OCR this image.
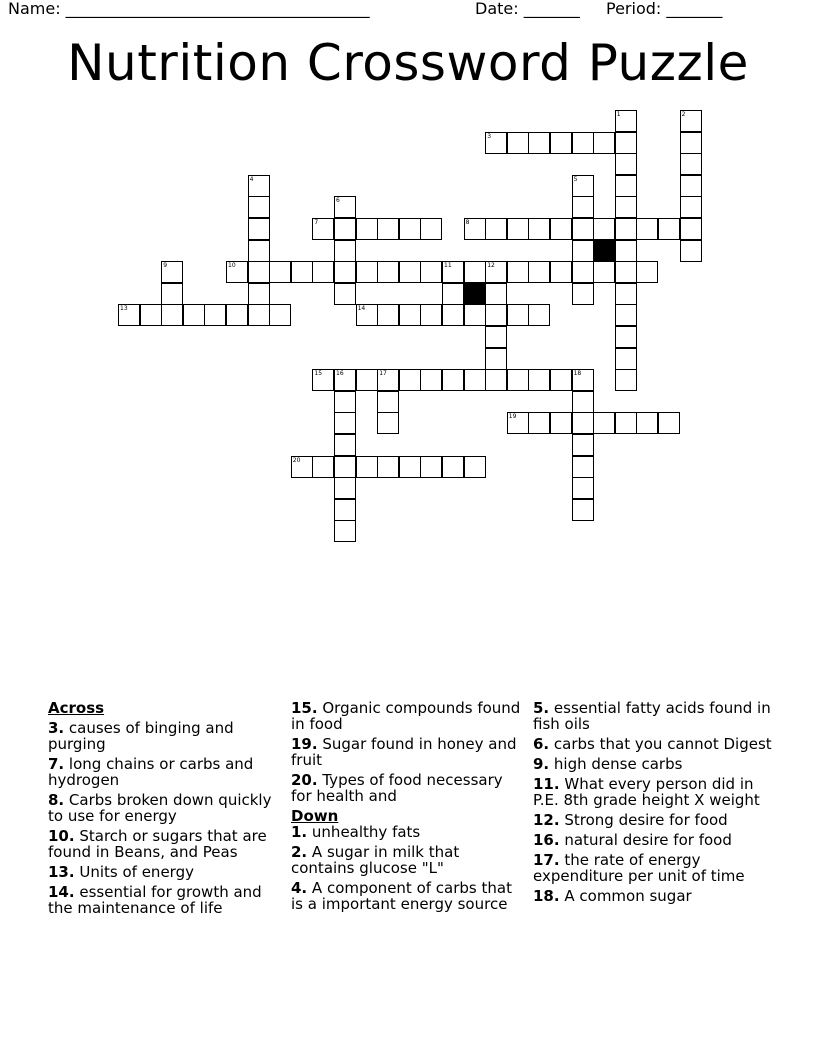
Name: ______________________________________	Date: _______ Period: _______
Nutrition Crossword Puzzle
1	2
3
4	5
6
7	8
9	10	11	12
13	14
15 16	17	18
19
20
Across
3. causes of binging and purging
7. long chains or carbs and hydrogen
8. Carbs broken down quickly to use for energy
10. Starch or sugars that are found in Beans, and Peas
13. Units of energy
14. essential for growth and the maintenance of life
15. Organic compounds found in food
19. Sugar found in honey and fruit
20. Types of food necessary for health and
Down
1. unhealthy fats
2. A sugar in milk that contains glucose "L"
4. A component of carbs that is a important energy source
5. essential fatty acids found in fish oils
6. carbs that you cannot Digest
9. high dense carbs
11. What every person did in P.E. 8th grade height X weight
12. Strong desire for food
16. natural desire for food
17. the rate of energy expenditure per unit of time
18. A common sugar
